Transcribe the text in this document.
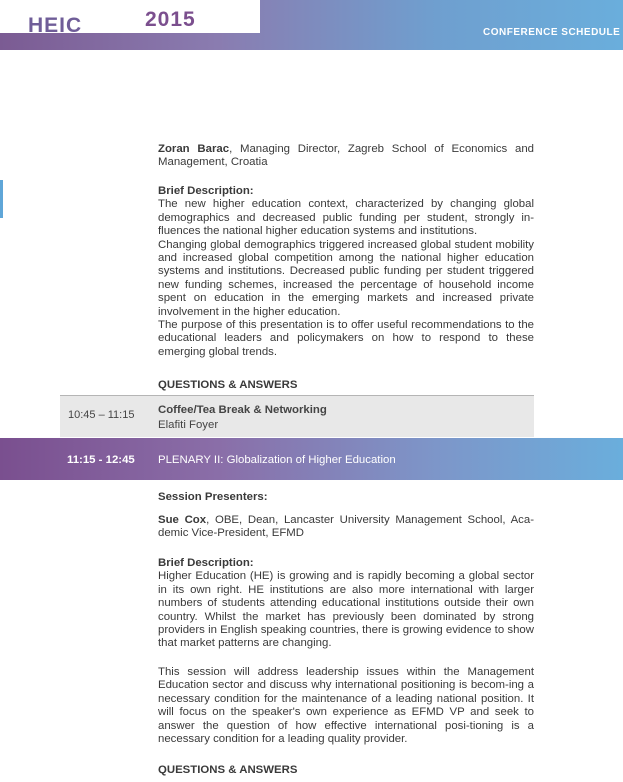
HEIC	2015
CONFERENCE SCHEDULE

Zoran Barac, Managing Director, Zagreb School of Economics and Management, Croatia

Brief Description:

The new higher education context, characterized by changing global demographics and decreased public funding per student, strongly in-fluences the national higher education systems and institutions.

Changing global demographics triggered increased global student mobility and increased global competition among the national higher education systems and institutions. Decreased public funding per student triggered new funding schemes, increased the percentage of household income spent on education in the emerging markets and increased private involvement in the higher education.

The purpose of this presentation is to offer useful recommendations to the educational leaders and policymakers on how to respond to these emerging global trends.

QUESTIONS & ANSWERS
10:45 – 11:15 Coffee/Tea Break & Networking
Elafiti Foyer
11:15 - 12:45 PLENARY II: Globalization of Higher Education
Session Presenters:

Sue Cox, OBE, Dean, Lancaster University Management School, Aca-demic Vice-President, EFMD

Brief Description:

Higher Education (HE) is growing and is rapidly becoming a global sector in its own right. HE institutions are also more international with larger numbers of students attending educational institutions outside their own country. Whilst the market has previously been dominated by strong providers in English speaking countries, there is growing evidence to show that market patterns are changing.

This session will address leadership issues within the Management Education sector and discuss why international positioning is becom-ing a necessary condition for the maintenance of a leading national position. It will focus on the speaker's own experience as EFMD VP and seek to answer the question of how effective international posi-tioning is a necessary condition for a leading quality provider.

QUESTIONS & ANSWERS
